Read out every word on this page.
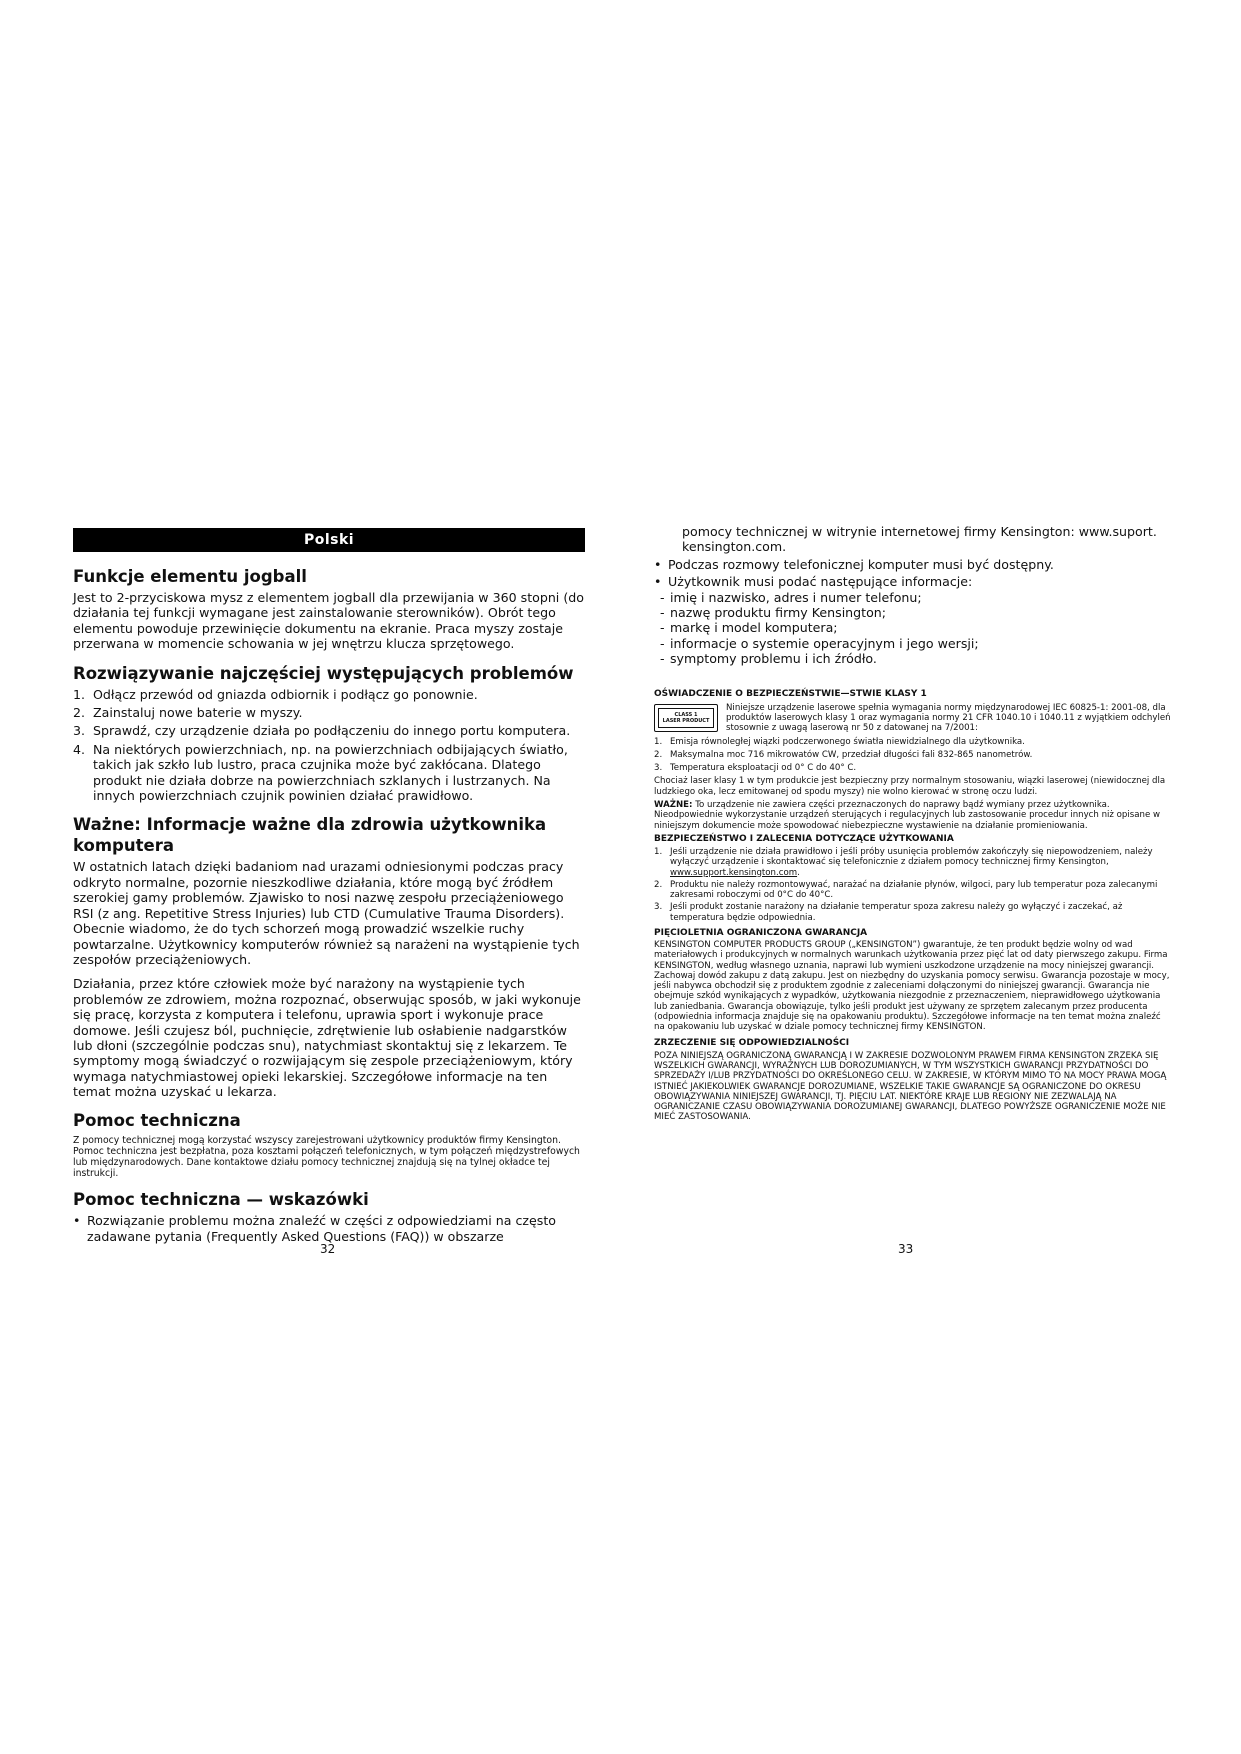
Polski
Funkcje elementu jogball

Jest to 2-przyciskowa mysz z elementem jogball dla przewijania w 360 stopni (do działania tej funkcji wymagane jest zainstalowanie sterowników). Obrót tego elementu powoduje przewinięcie dokumentu na ekranie. Praca myszy zostaje przerwana w momencie schowania w jej wnętrzu klucza sprzętowego.

Rozwiązywanie najczęściej występujących problemów
1. Odłącz przewód od gniazda odbiornik i podłącz go ponownie.
2. Zainstaluj nowe baterie w myszy.
3. Sprawdź, czy urządzenie działa po podłączeniu do innego portu komputera.
4. Na niektórych powierzchniach, np. na powierzchniach odbijających światło, takich jak szkło lub lustro, praca czujnika może być zakłócana. Dlatego produkt nie działa dobrze na powierzchniach szklanych i lustrzanych. Na innych powierzchniach czujnik powinien działać prawidłowo.
Ważne: Informacje ważne dla zdrowia użytkownika komputera

W ostatnich latach dzięki badaniom nad urazami odniesionymi podczas pracy odkryto normalne, pozornie nieszkodliwe działania, które mogą być źródłem szerokiej gamy problemów. Zjawisko to nosi nazwę zespołu przeciążeniowego RSI (z ang. Repetitive Stress Injuries) lub CTD (Cumulative Trauma Disorders). Obecnie wiadomo, że do tych schorzeń mogą prowadzić wszelkie ruchy powtarzalne. Użytkownicy komputerów również są narażeni na wystąpienie tych zespołów przeciążeniowych.

Działania, przez które człowiek może być narażony na wystąpienie tych problemów ze zdrowiem, można rozpoznać, obserwując sposób, w jaki wykonuje się pracę, korzysta z komputera i telefonu, uprawia sport i wykonuje prace domowe. Jeśli czujesz ból, puchnięcie, zdrętwienie lub osłabienie nadgarstków lub dłoni (szczególnie podczas snu), natychmiast skontaktuj się z lekarzem. Te symptomy mogą świadczyć o rozwijającym się zespole przeciążeniowym, który wymaga natychmiastowej opieki lekarskiej. Szczegółowe informacje na ten temat można uzyskać u lekarza.

Pomoc techniczna

Z pomocy technicznej mogą korzystać wszyscy zarejestrowani użytkownicy produktów firmy Kensington. Pomoc techniczna jest bezpłatna, poza kosztami połączeń telefonicznych, w tym połączeń międzystrefowych lub międzynarodowych. Dane kontaktowe działu pomocy technicznej znajdują się na tylnej okładce tej instrukcji.

Pomoc techniczna — wskazówki
• Rozwiązanie problemu można znaleźć w części z odpowiedziami na często zadawane pytania (Frequently Asked Questions (FAQ)) w obszarze
32

pomocy technicznej w witrynie internetowej firmy Kensington: www.suport. kensington.com.

• Podczas rozmowy telefonicznej komputer musi być dostępny.
• Użytkownik musi podać następujące informacje:
- imię i nazwisko, adres i numer telefonu;
- nazwę produktu firmy Kensington;
- markę i model komputera;
- informacje o systemie operacyjnym i jego wersji;
- symptomy problemu i ich źródło.
OŚWIADCZENIE O BEZPIECZEŃSTWIE—STWIE KLASY 1
CLASS 1
LASER PRODUCT

Niniejsze urządzenie laserowe spełnia wymagania normy międzynarodowej IEC 60825-1: 2001-08, dla produktów laserowych klasy 1 oraz wymagania normy 21 CFR 1040.10 i 1040.11 z wyjątkiem odchyleń stosownie z uwagą laserową nr 50 z datowanej na 7/2001:

1. Emisja równoległej wiązki podczerwonego światła niewidzialnego dla użytkownika.
2. Maksymalna moc 716 mikrowatów CW, przedział długości fali 832-865 nanometrów.
3. Temperatura eksploatacji od 0° C do 40° C.

Chociaż laser klasy 1 w tym produkcie jest bezpieczny przy normalnym stosowaniu, wiązki laserowej (niewidocznej dla ludzkiego oka, lecz emitowanej od spodu myszy) nie wolno kierować w stronę oczu ludzi.

WAŻNE: To urządzenie nie zawiera części przeznaczonych do naprawy bądź wymiany przez użytkownika. Nieodpowiednie wykorzystanie urządzeń sterujących i regulacyjnych lub zastosowanie procedur innych niż opisane w niniejszym dokumencie może spowodować niebezpieczne wystawienie na działanie promieniowania.

BEZPIECZEŃSTWO I ZALECENIA DOTYCZĄCE UŻYTKOWANIA
1. Jeśli urządzenie nie działa prawidłowo i jeśli próby usunięcia problemów zakończyły się niepowodzeniem, należy wyłączyć urządzenie i skontaktować się telefonicznie z działem pomocy technicznej firmy Kensington, www.support.kensington.com.
2. Produktu nie należy rozmontowywać, narażać na działanie płynów, wilgoci, pary lub temperatur poza zalecanymi zakresami roboczymi od 0°C do 40°C.
3. Jeśli produkt zostanie narażony na działanie temperatur spoza zakresu należy go wyłączyć i zaczekać, aż temperatura będzie odpowiednia.
PIĘCIOLETNIA OGRANICZONA GWARANCJA

KENSINGTON COMPUTER PRODUCTS GROUP („KENSINGTON”) gwarantuje, że ten produkt będzie wolny od wad materiałowych i produkcyjnych w normalnych warunkach użytkowania przez pięć lat od daty pierwszego zakupu. Firma KENSINGTON, według własnego uznania, naprawi lub wymieni uszkodzone urządzenie na mocy niniejszej gwarancji. Zachowaj dowód zakupu z datą zakupu. Jest on niezbędny do uzyskania pomocy serwisu. Gwarancja pozostaje w mocy, jeśli nabywca obchodził się z produktem zgodnie z zaleceniami dołączonymi do niniejszej gwarancji. Gwarancja nie obejmuje szkód wynikających z wypadków, użytkowania niezgodnie z przeznaczeniem, nieprawidłowego użytkowania lub zaniedbania. Gwarancja obowiązuje, tylko jeśli produkt jest używany ze sprzętem zalecanym przez producenta (odpowiednia informacja znajduje się na opakowaniu produktu). Szczegółowe informacje na ten temat można znaleźć na opakowaniu lub uzyskać w dziale pomocy technicznej firmy KENSINGTON.

ZRZECZENIE SIĘ ODPOWIEDZIALNOŚCI

POZA NINIEJSZĄ OGRANICZONĄ GWARANCJĄ I W ZAKRESIE DOZWOLONYM PRAWEM FIRMA KENSINGTON ZRZEKA SIĘ WSZELKICH GWARANCJI, WYRAŹNYCH LUB DOROZUMIANYCH, W TYM WSZYSTKICH GWARANCJI PRZYDATNOŚCI DO SPRZEDAŻY I/LUB PRZYDATNOŚCI DO OKREŚLONEGO CELU. W ZAKRESIE, W KTÓRYM MIMO TO NA MOCY PRAWA MOGĄ ISTNIEĆ JAKIEKOLWIEK GWARANCJE DOROZUMIANE, WSZELKIE TAKIE GWARANCJE SĄ OGRANICZONE DO OKRESU OBOWIĄZYWANIA NINIEJSZEJ GWARANCJI, TJ. PIĘCIU LAT. NIEKTÓRE KRAJE LUB REGIONY NIE ZEZWALAJĄ NA OGRANICZANIE CZASU OBOWIĄZYWANIA DOROZUMIANEJ GWARANCJI, DLATEGO POWYŻSZE OGRANICZENIE MOŻE NIE MIEĆ ZASTOSOWANIA.

33
